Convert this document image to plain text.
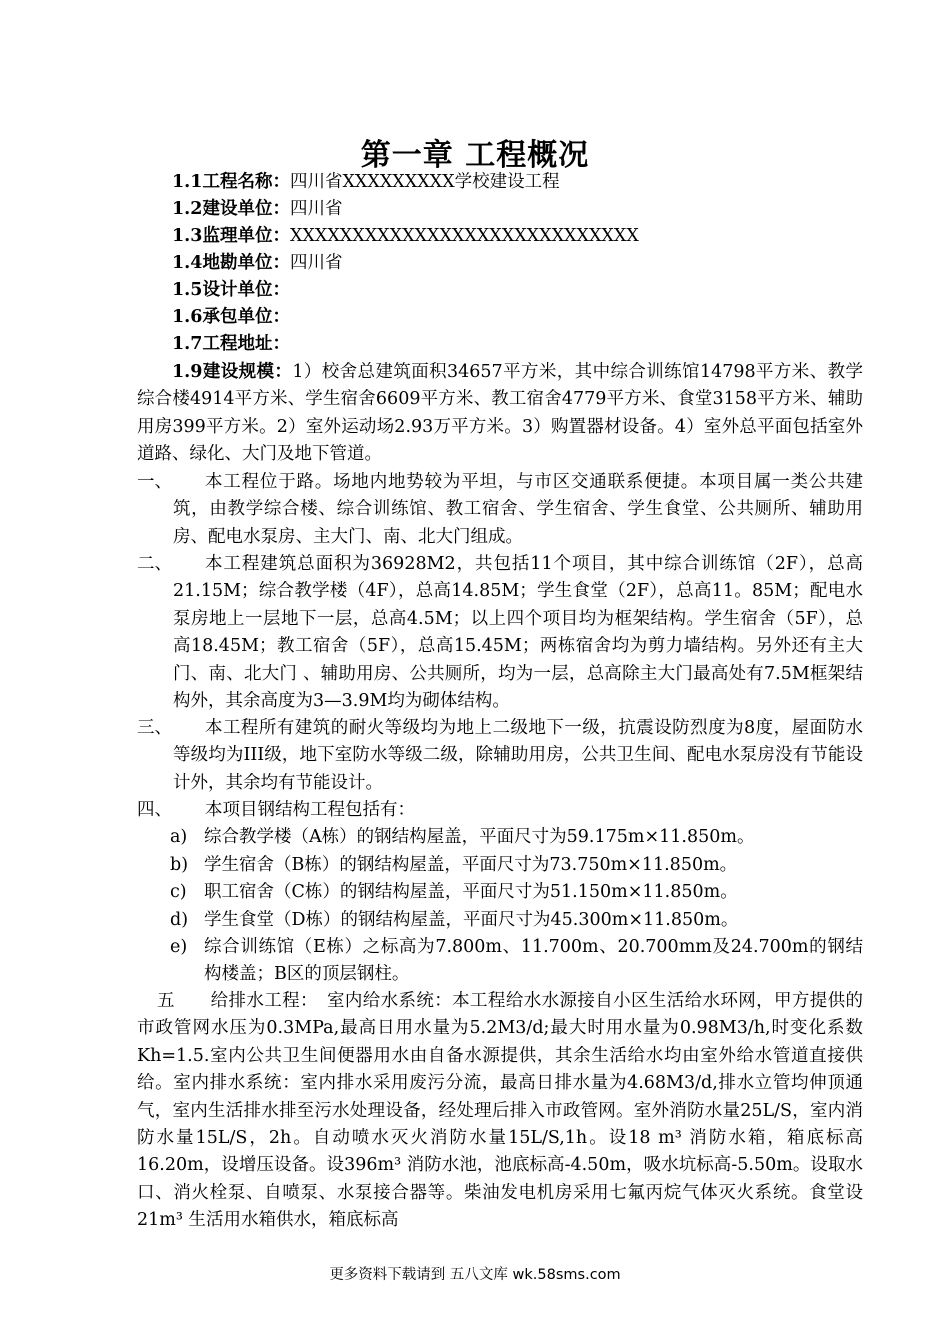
第一章 工程概况
1.1工程名称：四川省XXXXXXXXX学校建设工程
1.2建设单位：四川省
1.3监理单位：XXXXXXXXXXXXXXXXXXXXXXXXXXXX
1.4地勘单位：四川省
1.5设计单位：
1.6承包单位：
1.7工程地址：
1.9建设规模：1）校舍总建筑面积34657平方米，其中综合训练馆14798平方米、教学综合楼4914平方米、学生宿舍6609平方米、教工宿舍4779平方米、食堂3158平方米、辅助用房399平方米。2）室外运动场2.93万平方米。3）购置器材设备。4）室外总平面包括室外道路、绿化、大门及地下管道。
一、	本工程位于路。场地内地势较为平坦，与市区交通联系便捷。本项目属一类公共建筑，由教学综合楼、综合训练馆、教工宿舍、学生宿舍、学生食堂、公共厕所、辅助用房、配电水泵房、主大门、南、北大门组成。
二、	本工程建筑总面积为36928M2，共包括11个项目，其中综合训练馆（2F），总高21.15M；综合教学楼（4F），总高14.85M；学生食堂（2F），总高11。85M；配电水泵房地上一层地下一层，总高4.5M；以上四个项目均为框架结构。学生宿舍（5F），总高18.45M；教工宿舍（5F），总高15.45M；两栋宿舍均为剪力墙结构。另外还有主大门、南、北大门 、辅助用房、公共厕所，均为一层，总高除主大门最高处有7.5M框架结构外，其余高度为3—3.9M均为砌体结构。
三、	本工程所有建筑的耐火等级均为地上二级地下一级，抗震设防烈度为8度，屋面防水等级均为III级，地下室防水等级二级，除辅助用房，公共卫生间、配电水泵房没有节能设计外，其余均有节能设计。
四、	本项目钢结构工程包括有：
a) 综合教学楼（A栋）的钢结构屋盖，平面尺寸为59.175m×11.850m。
b) 学生宿舍（B栋）的钢结构屋盖，平面尺寸为73.750m×11.850m。
c) 职工宿舍（C栋）的钢结构屋盖，平面尺寸为51.150m×11.850m。
d) 学生食堂（D栋）的钢结构屋盖，平面尺寸为45.300m×11.850m。
e) 综合训练馆（E栋）之标高为7.800m、11.700m、20.700mm及24.700m的钢结构楼盖；B区的顶层钢柱。
五　　给排水工程：　室内给水系统：本工程给水水源接自小区生活给水环网，甲方提供的市政管网水压为0.3MPa,最高日用水量为5.2M3/d;最大时用水量为0.98M3/h,时变化系数Kh=1.5.室内公共卫生间便器用水由自备水源提供，其余生活给水均由室外给水管道直接供给。室内排水系统：室内排水采用废污分流，最高日排水量为4.68M3/d,排水立管均伸顶通气，室内生活排水排至污水处理设备，经处理后排入市政管网。室外消防水量25L/S，室内消防水量15L/S，2h。自动喷水灭火消防水量15L/S,1h。设18 m³ 消防水箱，箱底标高16.20m，设增压设备。设396m³ 消防水池，池底标高-4.50m，吸水坑标高-5.50m。设取水口、消火栓泵、自喷泵、水泵接合器等。柴油发电机房采用七氟丙烷气体灭火系统。食堂设21m³ 生活用水箱供水，箱底标高
更多资料下载请到 五八文库 wk.58sms.com
